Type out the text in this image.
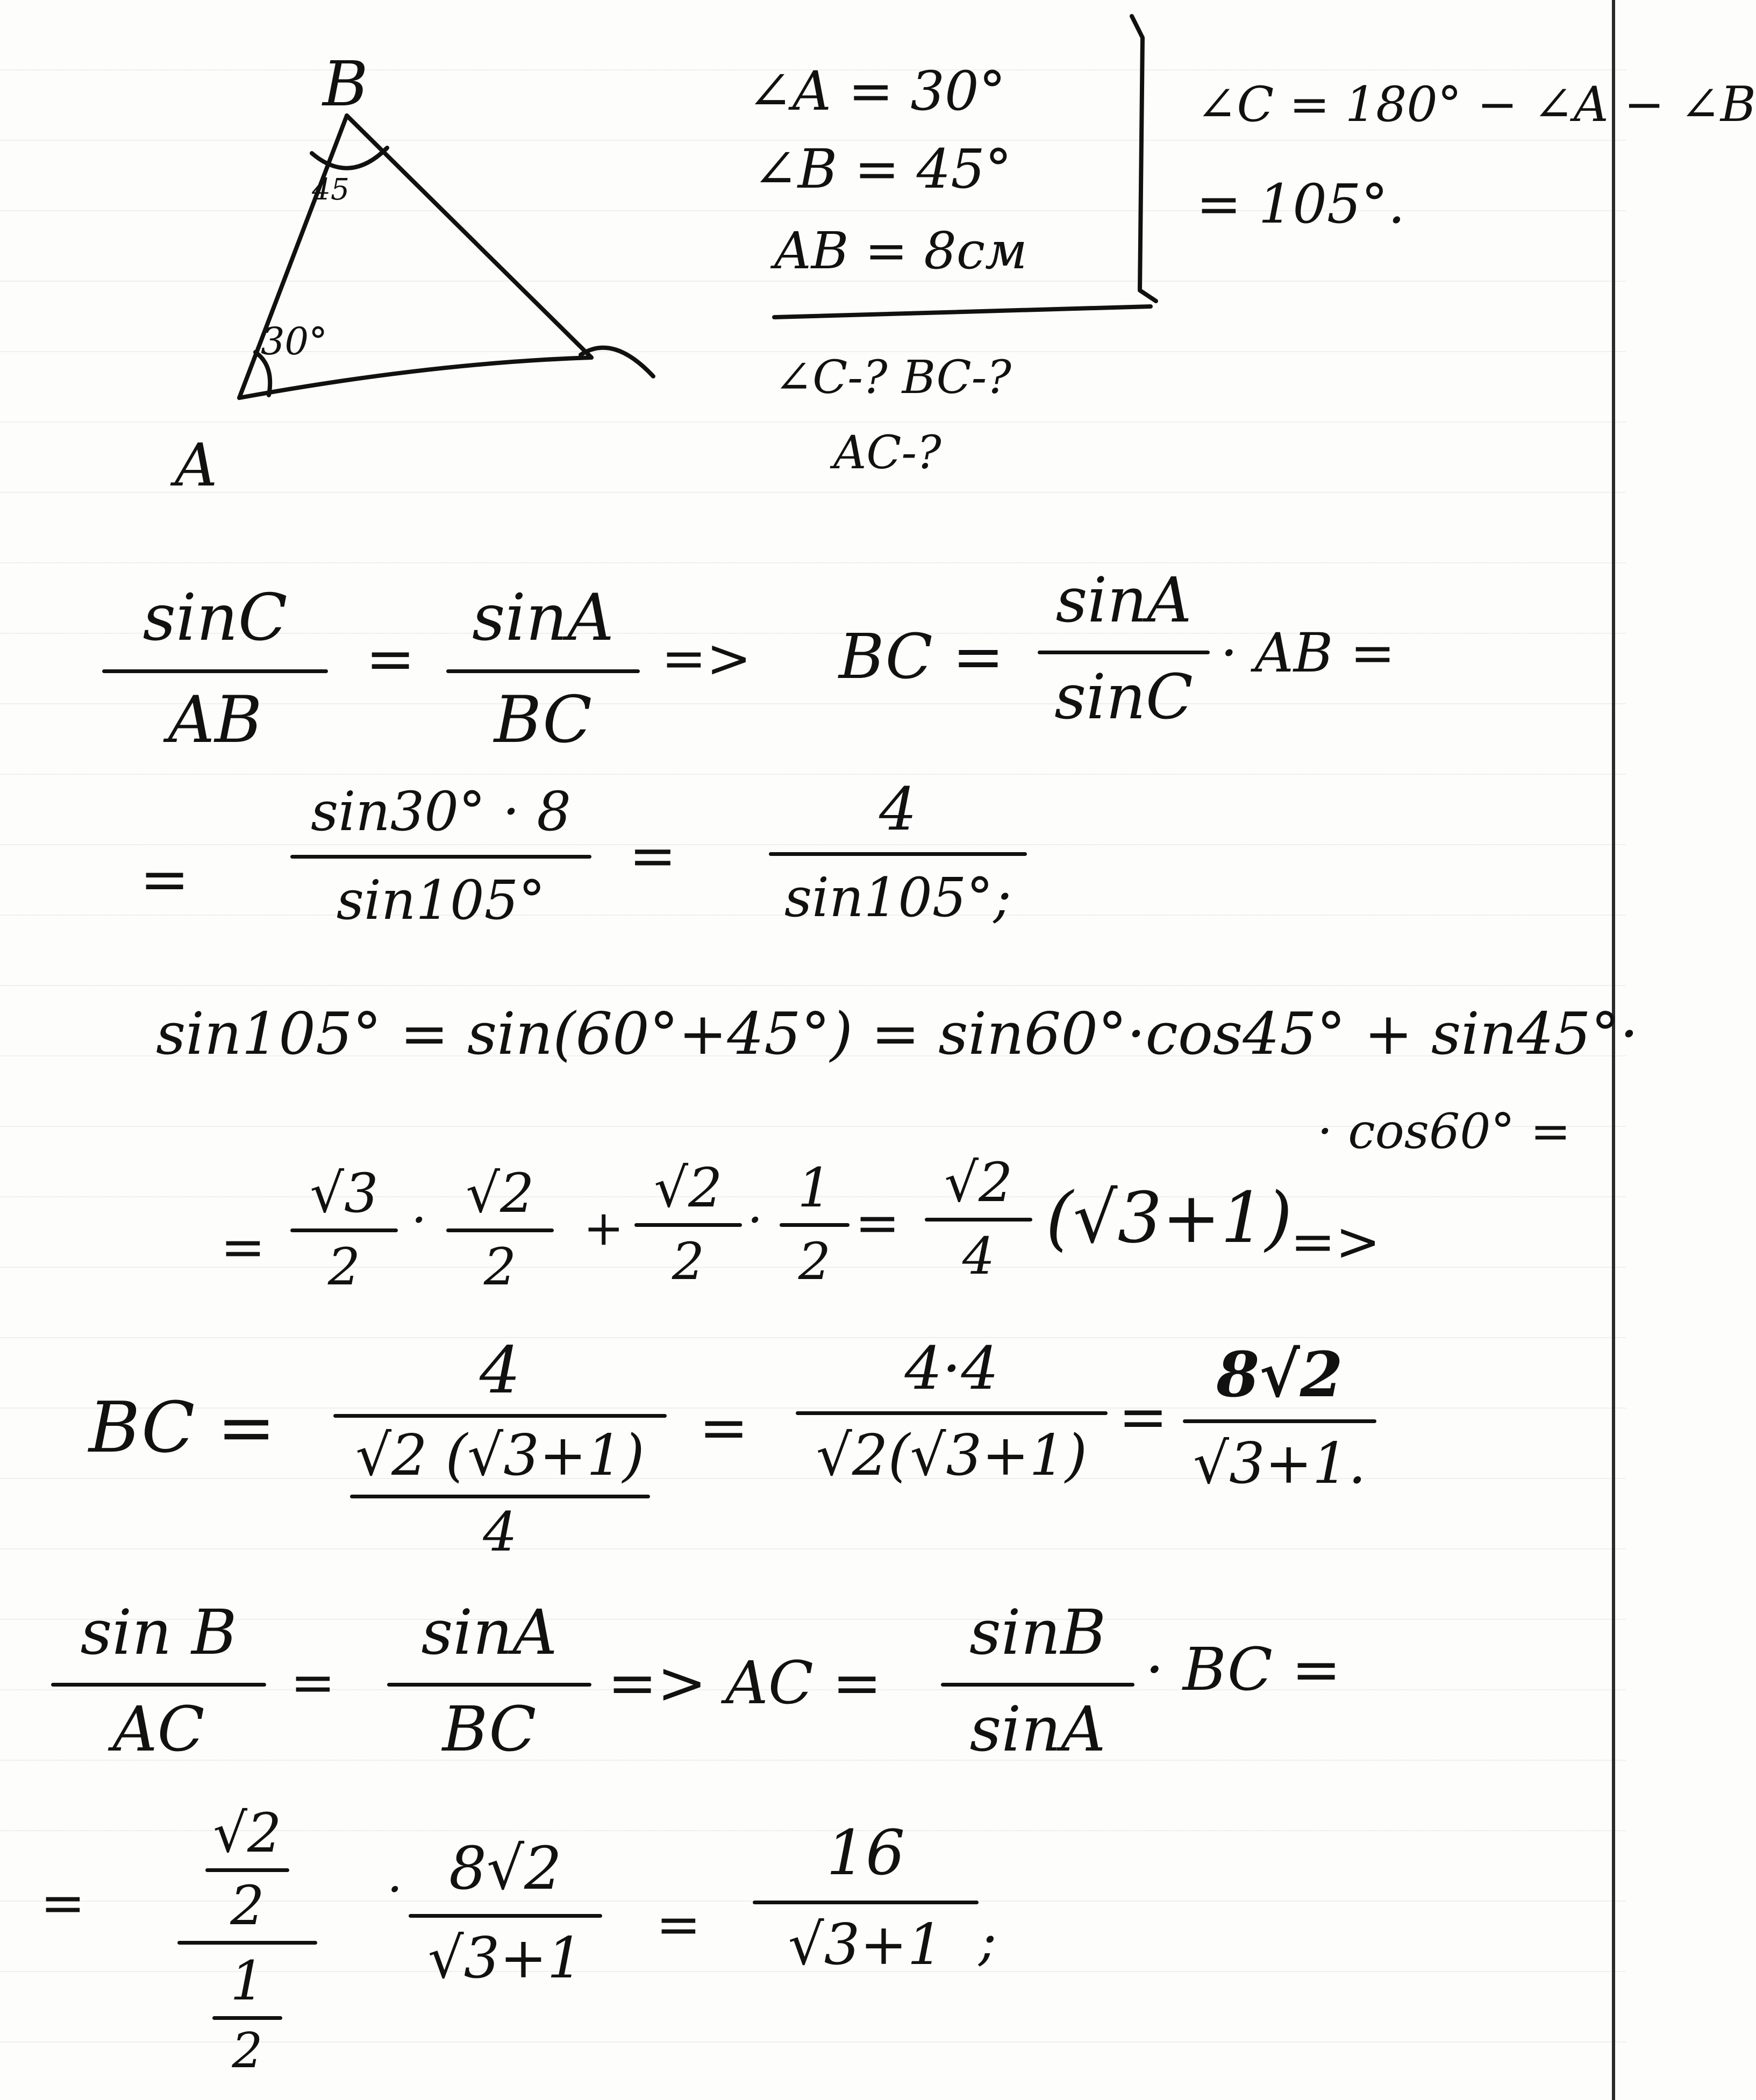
B
A
45
30°
∠A = 30°
∠B = 45°
AB = 8см
∠C-? BC-?
AC-?
∠C = 180° − ∠A − ∠B
= 105°.
sinC
AB
=
sinA
BC
=> BC =
sinA
sinC
· AB =
=
sin30° · 8
sin105°
=
4
sin105°;
sin105° = sin(60°+45°) = sin60°·cos45° + sin45°·
· cos60° =
=
√3
2
· √2
2
+
√2
2
·
1
2
=
√2
4 (√3+1)
=>
BC =
4
√2 (√3+1)
4
=
4·4
√2(√3+1)
=
8√2
√3+1.
sin B
AC
=
sinA
BC
=> AC =
sinB
sinA
· BC =
=
√2
2
1
2
· 8√2
√3+1
=
16
√3+1 ;
